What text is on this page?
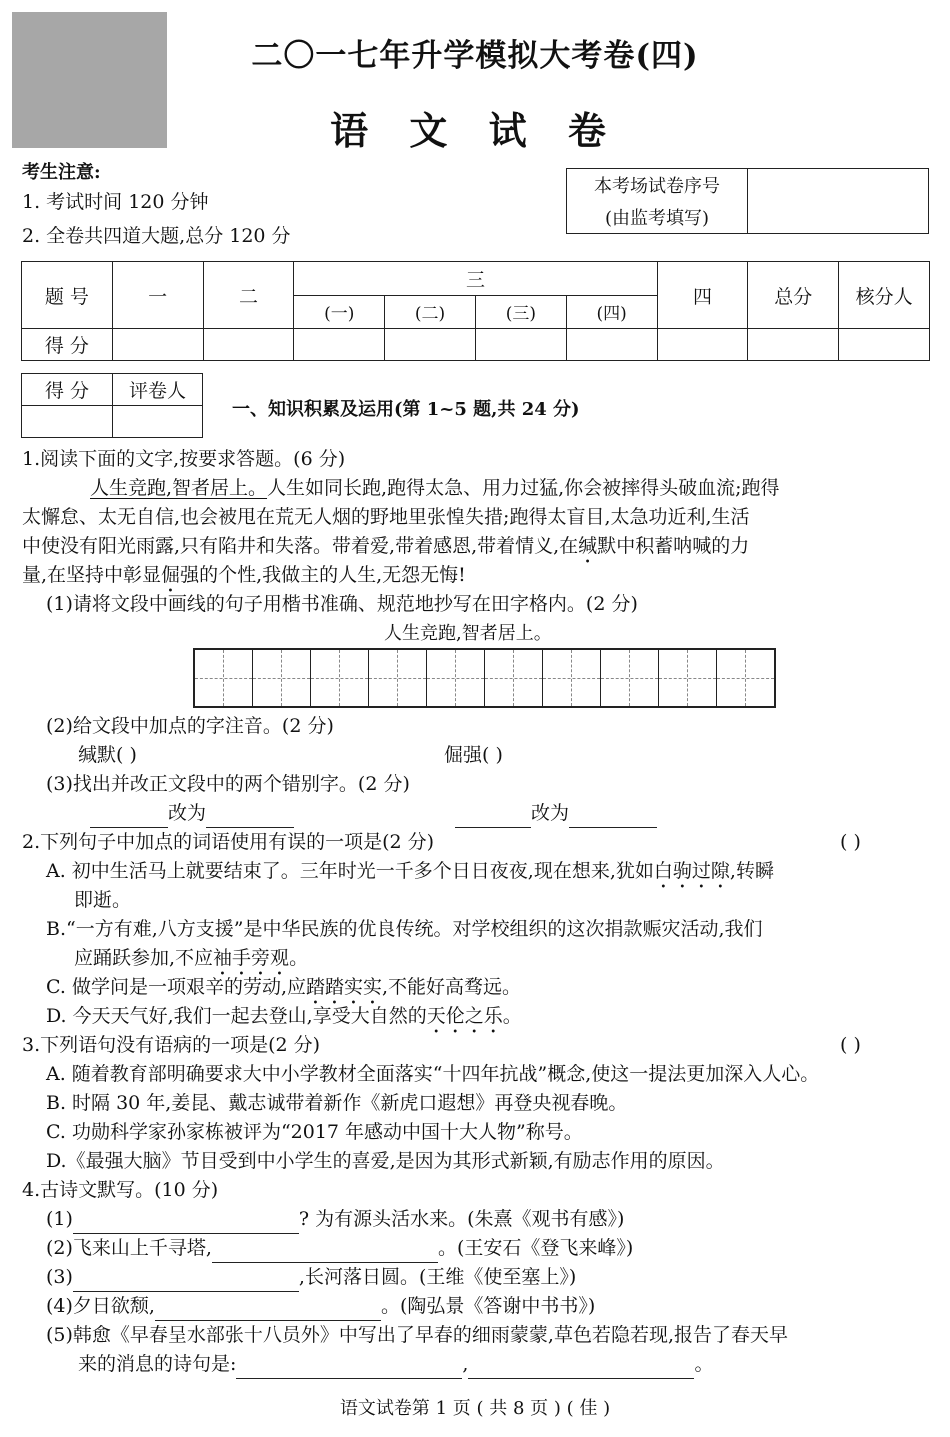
二〇一七年升学模拟大考卷(四)
语 文 试 卷
考生注意:
1. 考试时间 120 分钟
2. 全卷共四道大题,总分 120 分
本考场试卷序号	
(由监考填写)
题 号	一	二	三				四	总分	核分人
			(一)	(二)	(三)	(四)			
得 分									
得 分	评卷人

一、知识积累及运用(第 1~5 题,共 24 分)
1.阅读下面的文字,按要求答题。(6 分)
人生竞跑,智者居上。人生如同长跑,跑得太急、用力过猛,你会被摔得头破血流;跑得
太懈怠、太无自信,也会被甩在荒无人烟的野地里张惶失措;跑得太盲目,太急功近利,生活
中使没有阳光雨露,只有陷井和失落。带着爱,带着感恩,带着情义,在缄默中积蓄呐喊的力
量,在坚持中彰显倔强的个性,我做主的人生,无怨无悔!
(1)请将文段中画线的句子用楷书准确、规范地抄写在田字格内。(2 分)
人生竞跑,智者居上。
(2)给文段中加点的字注音。(2 分)
缄默( )	倔强( )
(3)找出并改正文段中的两个错别字。(2 分)
改为	改为
2.下列句子中加点的词语使用有误的一项是(2 分)	( )
A. 初中生活马上就要结束了。三年时光一千多个日日夜夜,现在想来,犹如白驹过隙,转瞬
即逝。
B.“一方有难,八方支援”是中华民族的优良传统。对学校组织的这次捐款赈灾活动,我们
应踊跃参加,不应袖手旁观。
C. 做学问是一项艰辛的劳动,应踏踏实实,不能好高骛远。
D. 今天天气好,我们一起去登山,享受大自然的天伦之乐。
3.下列语句没有语病的一项是(2 分)	( )
A. 随着教育部明确要求大中小学教材全面落实“十四年抗战”概念,使这一提法更加深入人心。
B. 时隔 30 年,姜昆、戴志诚带着新作《新虎口遐想》再登央视春晚。
C. 功勋科学家孙家栋被评为“2017 年感动中国十大人物”称号。
D.《最强大脑》节目受到中小学生的喜爱,是因为其形式新颖,有励志作用的原因。
4.古诗文默写。(10 分)
(1)	? 为有源头活水来。(朱熹《观书有感》)
(2)飞来山上千寻塔,	。(王安石《登飞来峰》)
(3)	,长河落日圆。(王维《使至塞上》)
(4)夕日欲颓,	。(陶弘景《答谢中书书》)
(5)韩愈《早春呈水部张十八员外》中写出了早春的细雨蒙蒙,草色若隐若现,报告了春天早
来的消息的诗句是:	,	。
语文试卷第 1 页 ( 共 8 页 ) ( 佳 )
